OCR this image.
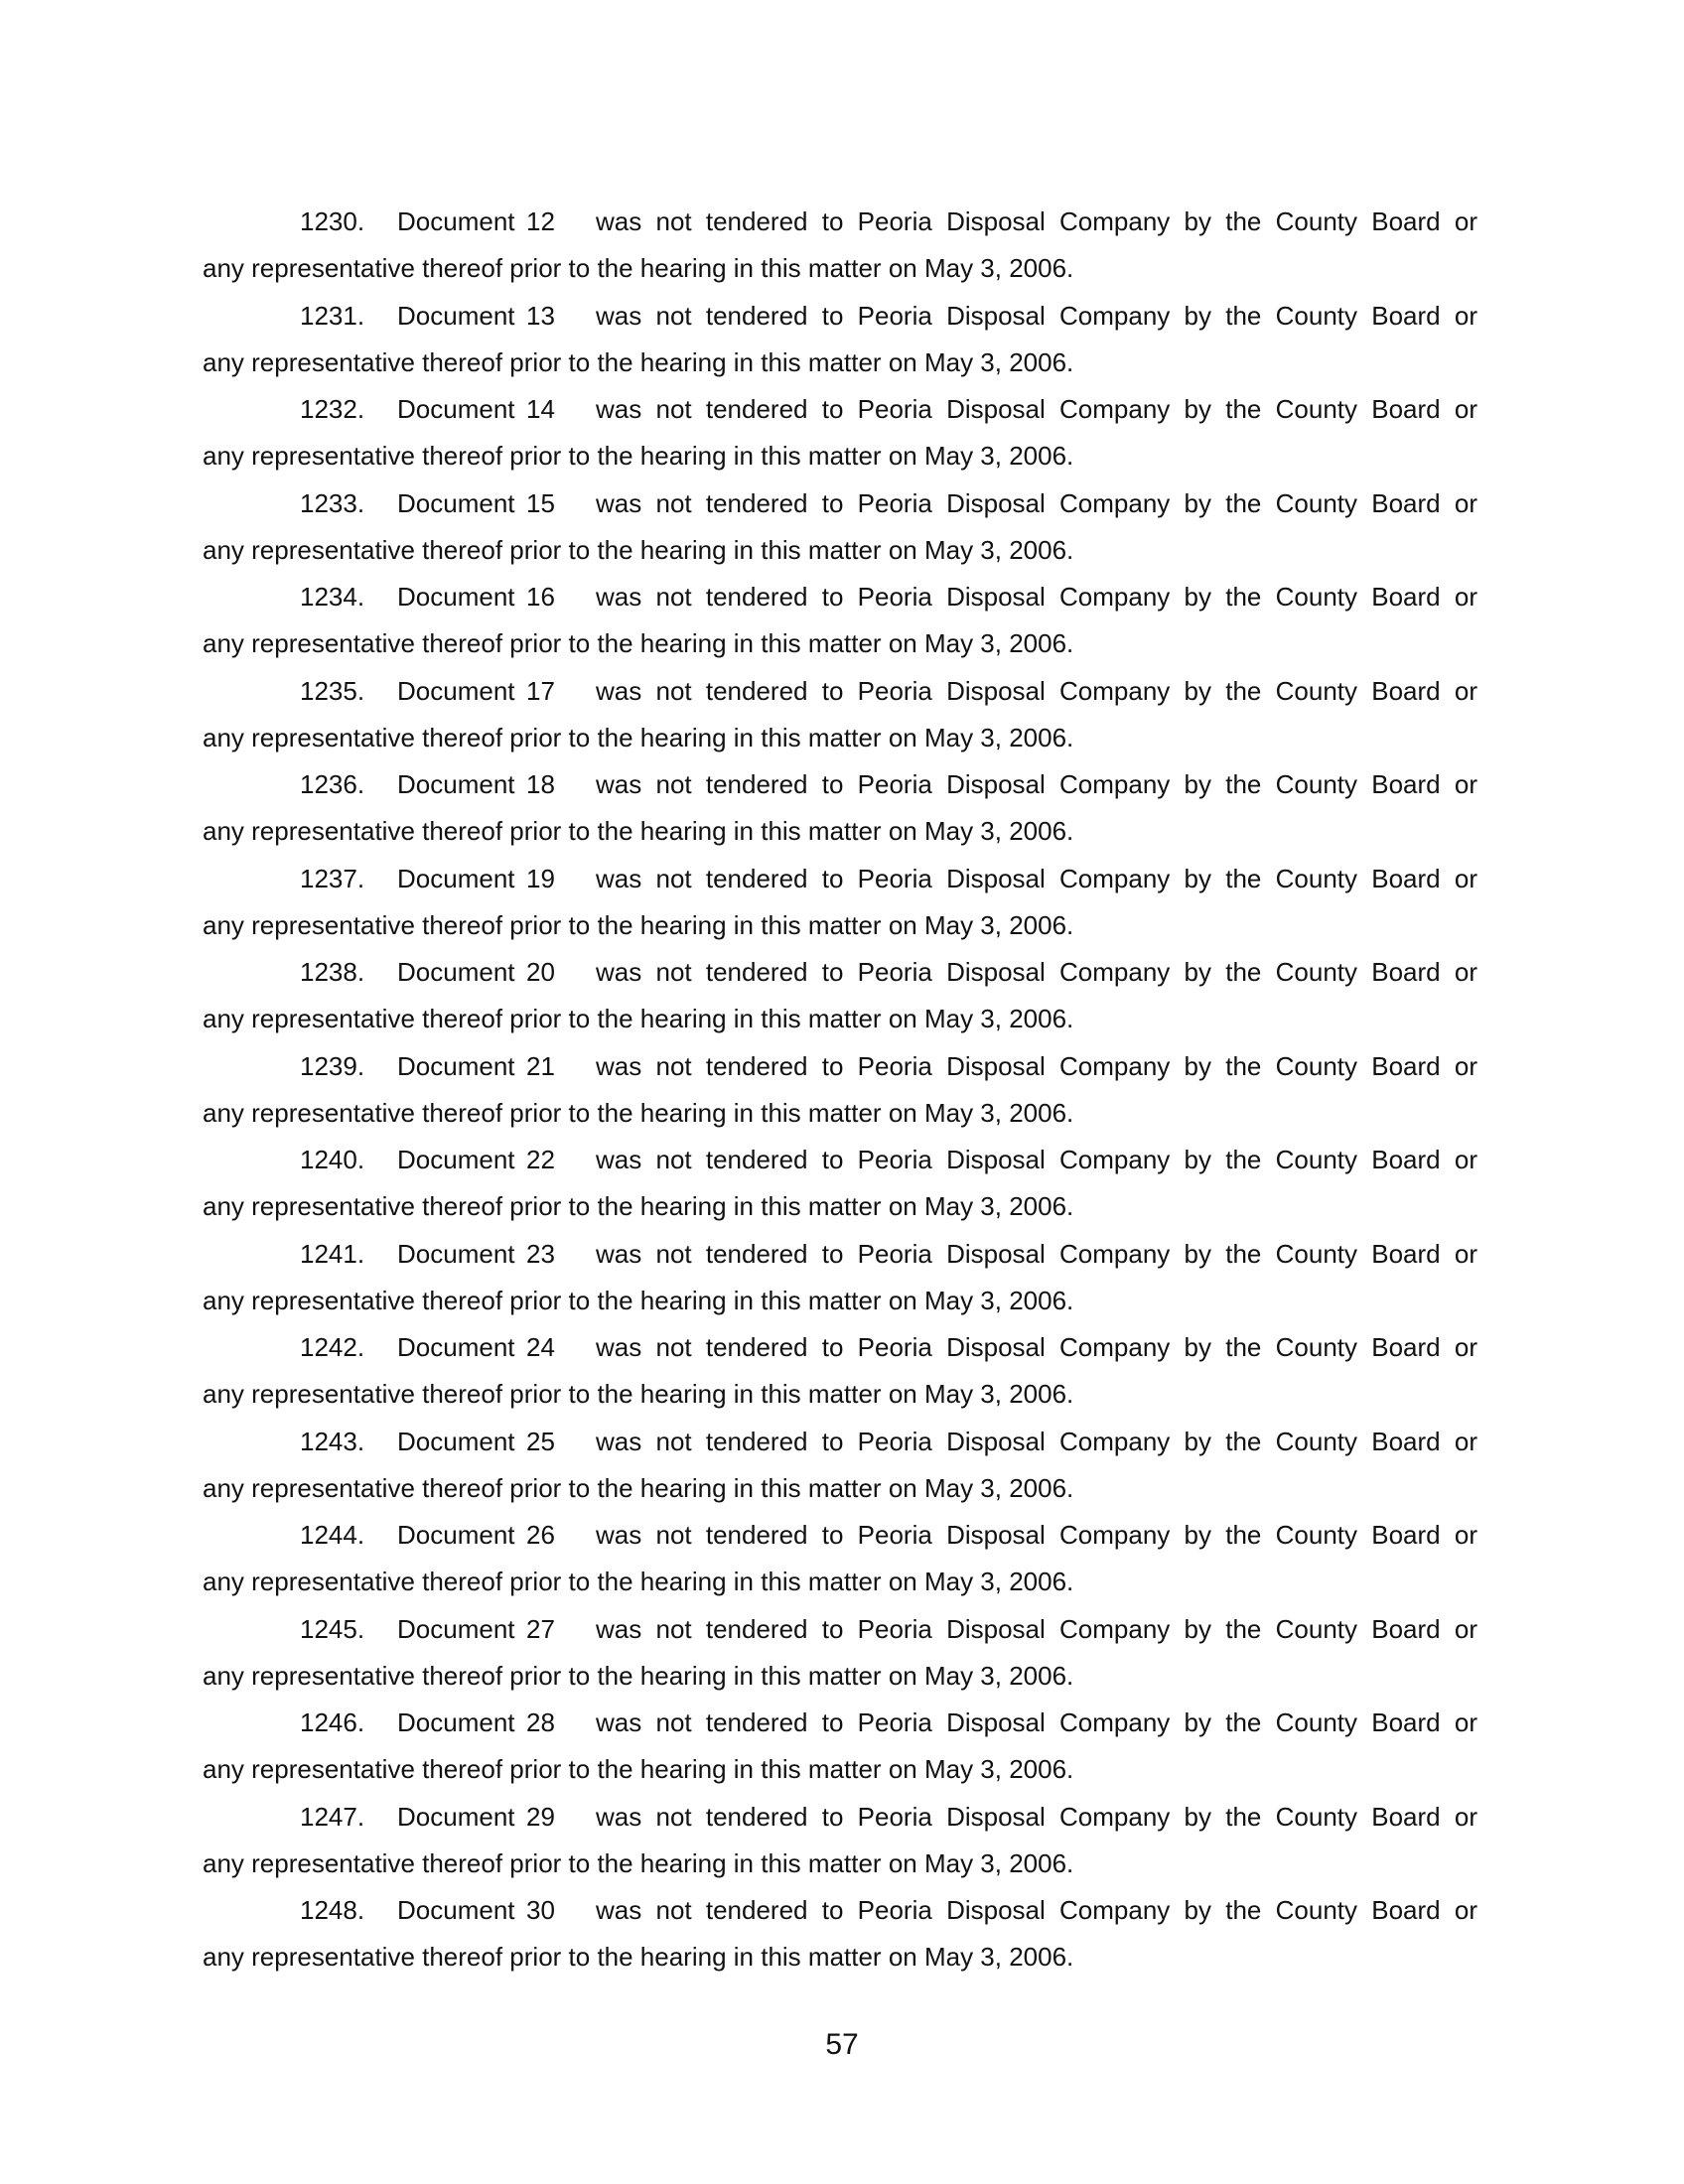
1230.	Document 12	was not tendered to Peoria Disposal Company by the County Board or
any representative thereof prior to the hearing in this matter on May 3, 2006.
1231.	Document 13	was not tendered to Peoria Disposal Company by the County Board or
any representative thereof prior to the hearing in this matter on May 3, 2006.
1232.	Document 14	was not tendered to Peoria Disposal Company by the County Board or
any representative thereof prior to the hearing in this matter on May 3, 2006.
1233.	Document 15	was not tendered to Peoria Disposal Company by the County Board or
any representative thereof prior to the hearing in this matter on May 3, 2006.
1234.	Document 16	was not tendered to Peoria Disposal Company by the County Board or
any representative thereof prior to the hearing in this matter on May 3, 2006.
1235.	Document 17	was not tendered to Peoria Disposal Company by the County Board or
any representative thereof prior to the hearing in this matter on May 3, 2006.
1236.	Document 18	was not tendered to Peoria Disposal Company by the County Board or
any representative thereof prior to the hearing in this matter on May 3, 2006.
1237.	Document 19	was not tendered to Peoria Disposal Company by the County Board or
any representative thereof prior to the hearing in this matter on May 3, 2006.
1238.	Document 20	was not tendered to Peoria Disposal Company by the County Board or
any representative thereof prior to the hearing in this matter on May 3, 2006.
1239.	Document 21	was not tendered to Peoria Disposal Company by the County Board or
any representative thereof prior to the hearing in this matter on May 3, 2006.
1240.	Document 22	was not tendered to Peoria Disposal Company by the County Board or
any representative thereof prior to the hearing in this matter on May 3, 2006.
1241.	Document 23	was not tendered to Peoria Disposal Company by the County Board or
any representative thereof prior to the hearing in this matter on May 3, 2006.
1242.	Document 24	was not tendered to Peoria Disposal Company by the County Board or
any representative thereof prior to the hearing in this matter on May 3, 2006.
1243.	Document 25	was not tendered to Peoria Disposal Company by the County Board or
any representative thereof prior to the hearing in this matter on May 3, 2006.
1244.	Document 26	was not tendered to Peoria Disposal Company by the County Board or
any representative thereof prior to the hearing in this matter on May 3, 2006.
1245.	Document 27	was not tendered to Peoria Disposal Company by the County Board or
any representative thereof prior to the hearing in this matter on May 3, 2006.
1246.	Document 28	was not tendered to Peoria Disposal Company by the County Board or
any representative thereof prior to the hearing in this matter on May 3, 2006.
1247.	Document 29	was not tendered to Peoria Disposal Company by the County Board or
any representative thereof prior to the hearing in this matter on May 3, 2006.
1248.	Document 30	was not tendered to Peoria Disposal Company by the County Board or
any representative thereof prior to the hearing in this matter on May 3, 2006.
57
